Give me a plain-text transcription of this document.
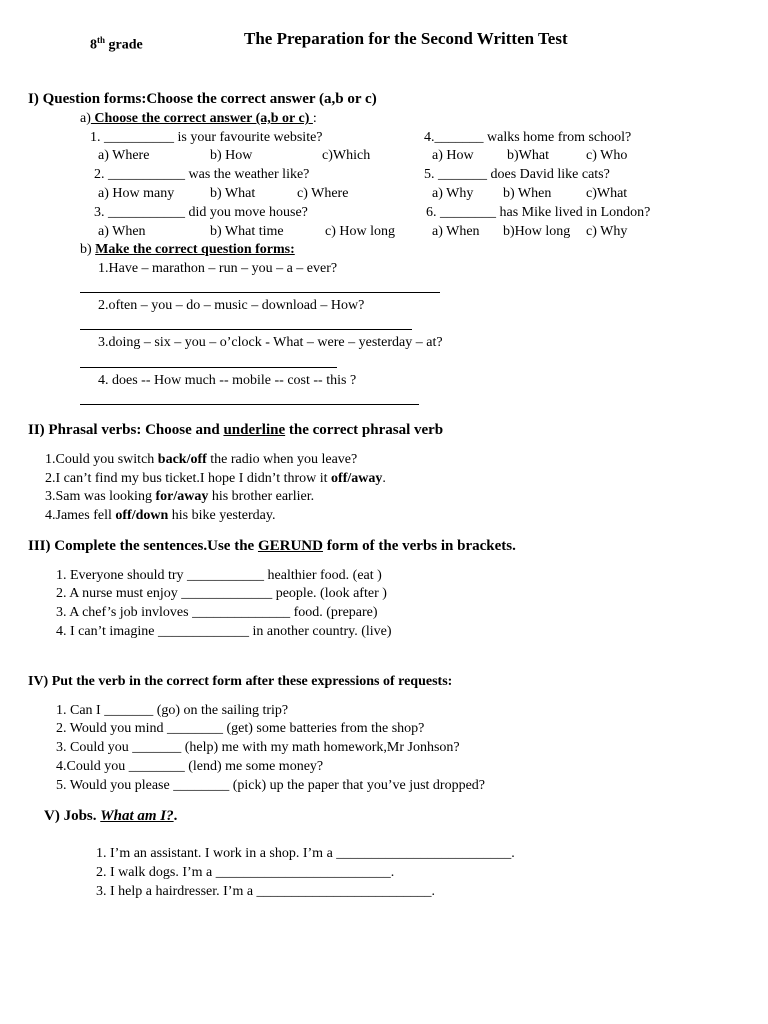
8th grade	The Preparation for the Second Written Test
I) Question forms:Choose the correct answer (a,b or c)
a) Choose the correct answer (a,b or c) :
1. __________ is your favourite website?
a) Where	b) How	c)Which
2. ___________ was the weather like?
a) How many	b) What	c) Where
3. ___________ did you move house?
a) When	b) What time	c) How long
4._______ walks home from school?
a) How b)What	c) Who
5. _______ does David like cats?
a) Why b) When c)What
6. ________ has Mike lived in London?
a) When b)How long c) Why
b) Make the correct question forms:
1.Have – marathon – run – you – a – ever?
2.often – you – do – music – download – How?
3.doing – six – you – o’clock - What – were – yesterday – at?
4. does -- How much -- mobile -- cost -- this ?
II) Phrasal verbs: Choose and underline the correct phrasal verb
1.Could you switch back/off the radio when you leave?
2.I can’t find my bus ticket.I hope I didn’t throw it off/away.
3.Sam was looking for/away his brother earlier.
4.James fell off/down his bike yesterday.
III) Complete the sentences.Use the GERUND form of the verbs in brackets.
1. Everyone should try ___________ healthier food. (eat )
2. A nurse must enjoy _____________ people. (look after )
3. A chef’s job invloves ______________ food. (prepare)
4. I can’t imagine _____________ in another country. (live)
IV) Put the verb in the correct form after these expressions of requests:
1. Can I _______ (go) on the sailing trip?
2. Would you mind ________ (get) some batteries from the shop?
3. Could you _______ (help) me with my math homework,Mr Jonhson?
4.Could you ________ (lend) me some money?
5. Would you please ________ (pick) up the paper that you’ve just dropped?
V) Jobs. What am I?.
1. I’m an assistant. I work in a shop. I’m a _________________________.
2. I walk dogs. I’m a _________________________.
3. I help a hairdresser. I’m a _________________________.
